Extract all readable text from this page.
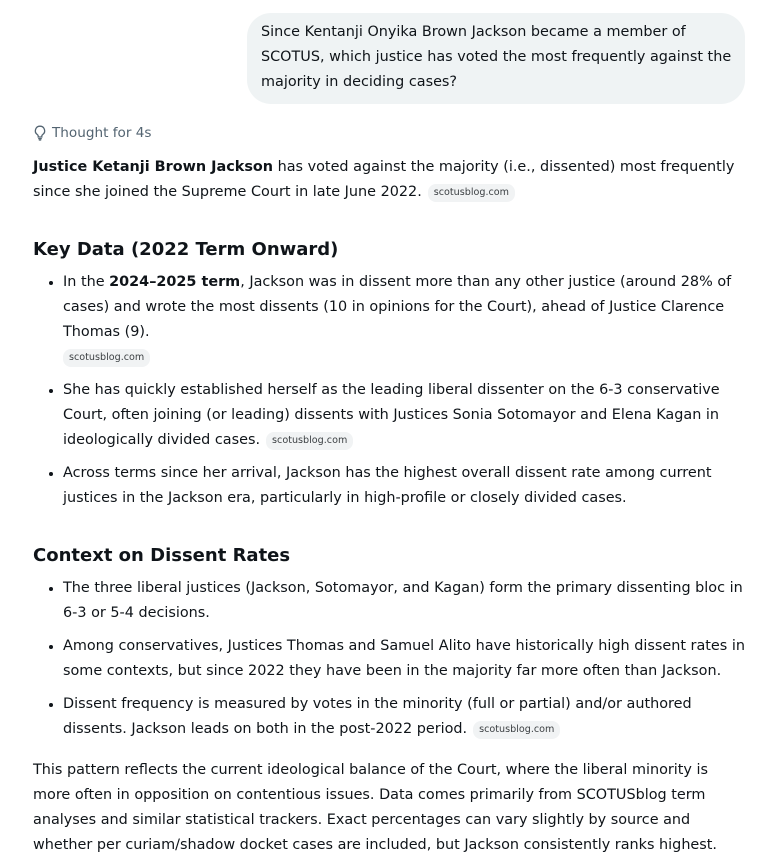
Since Kentanji Onyika Brown Jackson became a member of SCOTUS, which justice has voted the most frequently against the majority in deciding cases?
Thought for 4s

Justice Ketanji Brown Jackson has voted against the majority (i.e., dissented) most frequently since she joined the Supreme Court in late June 2022. scotusblog.com

Key Data (2022 Term Onward)
• In the 2024–2025 term, Jackson was in dissent more than any other justice (around 28% of cases) and wrote the most dissents (10 in opinions for the Court), ahead of Justice Clarence Thomas (9).
scotusblog.com
• She has quickly established herself as the leading liberal dissenter on the 6-3 conservative Court, often joining (or leading) dissents with Justices Sonia Sotomayor and Elena Kagan in ideologically divided cases. scotusblog.com
• Across terms since her arrival, Jackson has the highest overall dissent rate among current justices in the Jackson era, particularly in high-profile or closely divided cases.
Context on Dissent Rates
• The three liberal justices (Jackson, Sotomayor, and Kagan) form the primary dissenting bloc in 6-3 or 5-4 decisions.
• Among conservatives, Justices Thomas and Samuel Alito have historically high dissent rates in some contexts, but since 2022 they have been in the majority far more often than Jackson.
• Dissent frequency is measured by votes in the minority (full or partial) and/or authored dissents. Jackson leads on both in the post-2022 period. scotusblog.com

This pattern reflects the current ideological balance of the Court, where the liberal minority is more often in opposition on contentious issues. Data comes primarily from SCOTUSblog term analyses and similar statistical trackers. Exact percentages can vary slightly by source and whether per curiam/shadow docket cases are included, but Jackson consistently ranks highest.
